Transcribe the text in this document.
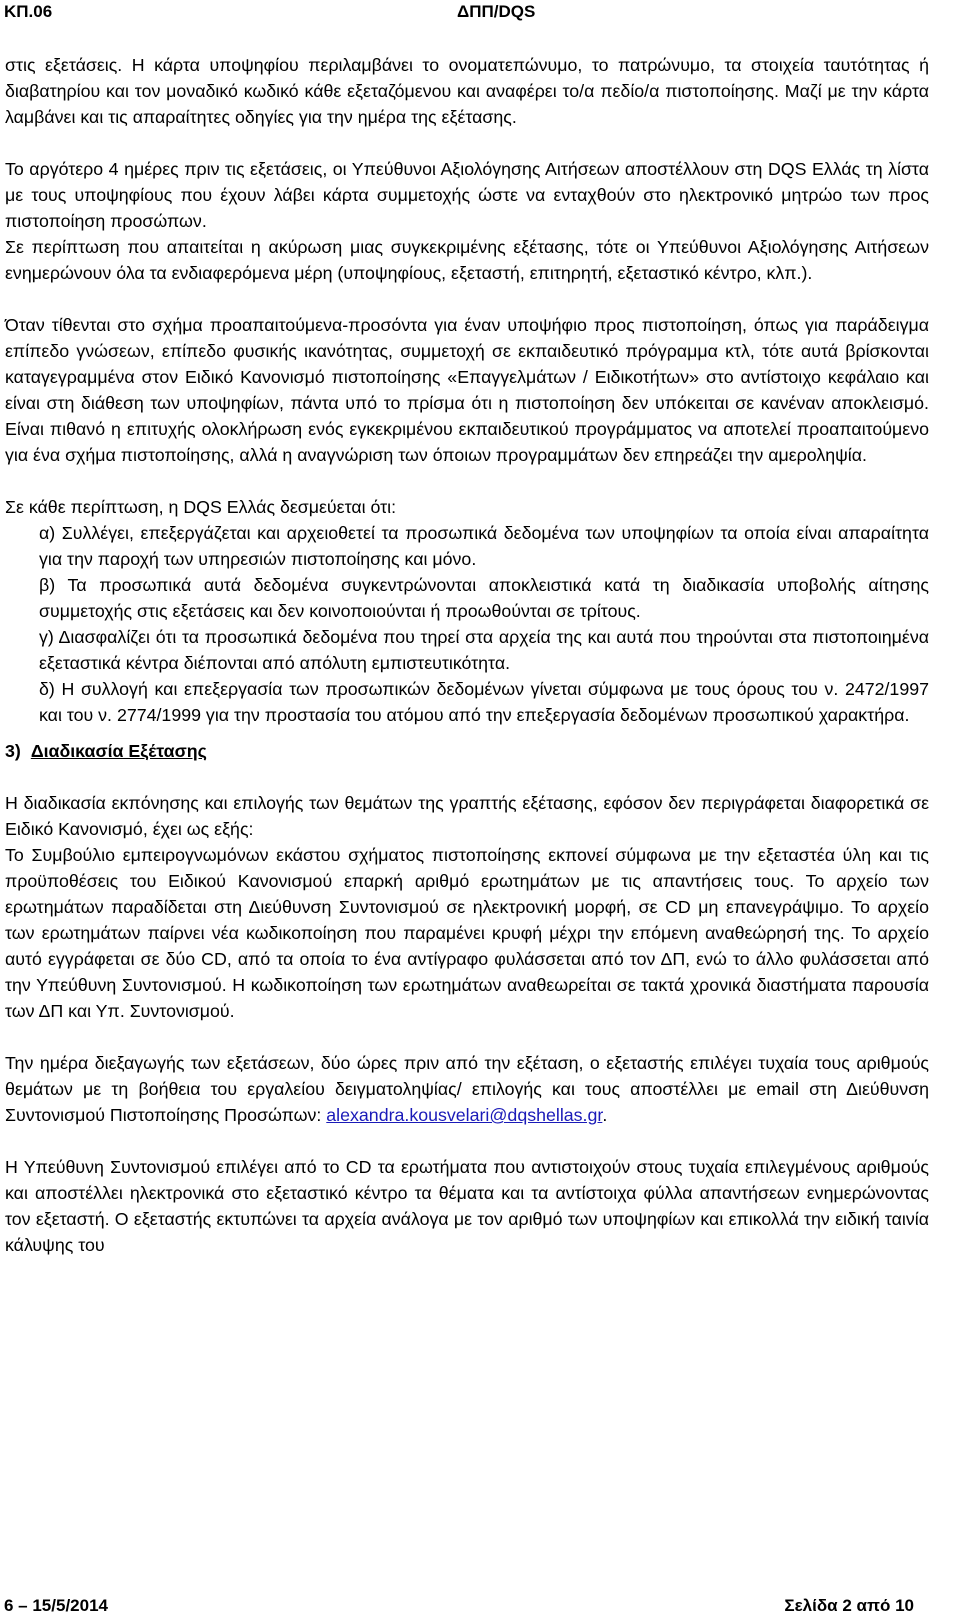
ΚΠ.06	ΔΠΠ/DQS

στις εξετάσεις. Η κάρτα υποψηφίου περιλαμβάνει το ονοματεπώνυμο, το πατρώνυμο, τα στοιχεία ταυτότητας ή διαβατηρίου και τον μοναδικό κωδικό κάθε εξεταζόμενου και αναφέρει το/α πεδίο/α πιστοποίησης. Μαζί με την κάρτα λαμβάνει και τις απαραίτητες οδηγίες για την ημέρα της εξέτασης.

Το αργότερο 4 ημέρες πριν τις εξετάσεις, οι Υπεύθυνοι Αξιολόγησης Αιτήσεων αποστέλλουν στη DQS Ελλάς τη λίστα με τους υποψηφίους που έχουν λάβει κάρτα συμμετοχής ώστε να ενταχθούν στο ηλεκτρονικό μητρώο των προς πιστοποίηση προσώπων.

Σε περίπτωση που απαιτείται η ακύρωση μιας συγκεκριμένης εξέτασης, τότε οι Υπεύθυνοι Αξιολόγησης Αιτήσεων ενημερώνουν όλα τα ενδιαφερόμενα μέρη (υποψηφίους, εξεταστή, επιτηρητή, εξεταστικό κέντρο, κλπ.).

Όταν τίθενται στο σχήμα προαπαιτούμενα-προσόντα για έναν υποψήφιο προς πιστοποίηση, όπως για παράδειγμα επίπεδο γνώσεων, επίπεδο φυσικής ικανότητας, συμμετοχή σε εκπαιδευτικό πρόγραμμα κτλ, τότε αυτά βρίσκονται καταγεγραμμένα στον Ειδικό Κανονισμό πιστοποίησης «Επαγγελμάτων / Ειδικοτήτων» στο αντίστοιχο κεφάλαιο και είναι στη διάθεση των υποψηφίων, πάντα υπό το πρίσμα ότι η πιστοποίηση δεν υπόκειται σε κανέναν αποκλεισμό. Είναι πιθανό η επιτυχής ολοκλήρωση ενός εγκεκριμένου εκπαιδευτικού προγράμματος να αποτελεί προαπαιτούμενο για ένα σχήμα πιστοποίησης, αλλά η αναγνώριση των όποιων προγραμμάτων δεν επηρεάζει την αμεροληψία.

Σε κάθε περίπτωση, η DQS Ελλάς δεσμεύεται ότι:

α) Συλλέγει, επεξεργάζεται και αρχειοθετεί τα προσωπικά δεδομένα των υποψηφίων τα οποία είναι απαραίτητα για την παροχή των υπηρεσιών πιστοποίησης και μόνο.

β) Τα προσωπικά αυτά δεδομένα συγκεντρώνονται αποκλειστικά κατά τη διαδικασία υποβολής αίτησης συμμετοχής στις εξετάσεις και δεν κοινοποιούνται ή προωθούνται σε τρίτους.

γ) Διασφαλίζει ότι τα προσωπικά δεδομένα που τηρεί στα αρχεία της και αυτά που τηρούνται στα πιστοποιημένα εξεταστικά κέντρα διέπονται από απόλυτη εμπιστευτικότητα.

δ) Η συλλογή και επεξεργασία των προσωπικών δεδομένων γίνεται σύμφωνα με τους όρους του ν. 2472/1997 και του ν. 2774/1999 για την προστασία του ατόμου από την επεξεργασία δεδομένων προσωπικού χαρακτήρα.

3) Διαδικασία Εξέτασης

Η διαδικασία εκπόνησης και επιλογής των θεμάτων της γραπτής εξέτασης, εφόσον δεν περιγράφεται διαφορετικά σε Ειδικό Κανονισμό, έχει ως εξής:

Το Συμβούλιο εμπειρογνωμόνων εκάστου σχήματος πιστοποίησης εκπονεί σύμφωνα με την εξεταστέα ύλη και τις προϋποθέσεις του Ειδικού Κανονισμού επαρκή αριθμό ερωτημάτων με τις απαντήσεις τους. Το αρχείο των ερωτημάτων παραδίδεται στη Διεύθυνση Συντονισμού σε ηλεκτρονική μορφή, σε CD μη επανεγράψιμο. Το αρχείο των ερωτημάτων παίρνει νέα κωδικοποίηση που παραμένει κρυφή μέχρι την επόμενη αναθεώρησή της. Το αρχείο αυτό εγγράφεται σε δύο CD, από τα οποία το ένα αντίγραφο φυλάσσεται από τον ΔΠ, ενώ το άλλο φυλάσσεται από την Υπεύθυνη Συντονισμού. Η κωδικοποίηση των ερωτημάτων αναθεωρείται σε τακτά χρονικά διαστήματα παρουσία των ΔΠ και Υπ. Συντονισμού.

Την ημέρα διεξαγωγής των εξετάσεων, δύο ώρες πριν από την εξέταση, ο εξεταστής επιλέγει τυχαία τους αριθμούς θεμάτων με τη βοήθεια του εργαλείου δειγματοληψίας/ επιλογής και τους αποστέλλει με email στη Διεύθυνση Συντονισμού Πιστοποίησης Προσώπων: alexandra.kousvelari@dqshellas.gr.

Η Υπεύθυνη Συντονισμού επιλέγει από το CD τα ερωτήματα που αντιστοιχούν στους τυχαία επιλεγμένους αριθμούς και αποστέλλει ηλεκτρονικά στο εξεταστικό κέντρο τα θέματα και τα αντίστοιχα φύλλα απαντήσεων ενημερώνοντας τον εξεταστή. Ο εξεταστής εκτυπώνει τα αρχεία ανάλογα με τον αριθμό των υποψηφίων και επικολλά την ειδική ταινία κάλυψης του

6 – 15/5/2014	Σελίδα 2 από 10
